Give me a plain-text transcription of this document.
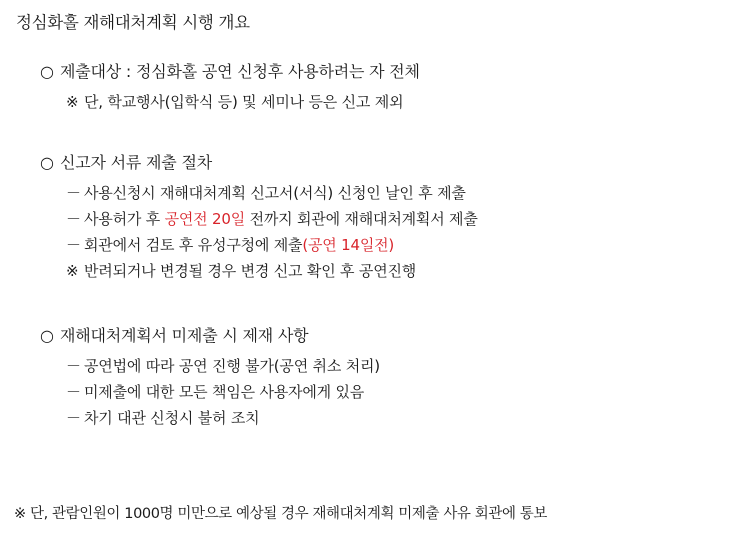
정심화홀 재해대처계획 시행 개요
○ 제출대상 : 정심화홀 공연 신청후 사용하려는 자 전체
※ 단, 학교행사(입학식 등) 및 세미나 등은 신고 제외
○ 신고자 서류 제출 절차
－ 사용신청시 재해대처계획 신고서(서식) 신청인 날인 후 제출
－ 사용허가 후 공연전 20일 전까지 회관에 재해대처계획서 제출
－ 회관에서 검토 후 유성구청에 제출(공연 14일전)
※ 반려되거나 변경될 경우 변경 신고 확인 후 공연진행
○ 재해대처계획서 미제출 시 제재 사항
－ 공연법에 따라 공연 진행 불가(공연 취소 처리)
－ 미제출에 대한 모든 책임은 사용자에게 있음
－ 차기 대관 신청시 불허 조치
※ 단, 관람인원이 1000명 미만으로 예상될 경우 재해대처계획 미제출 사유 회관에 통보
